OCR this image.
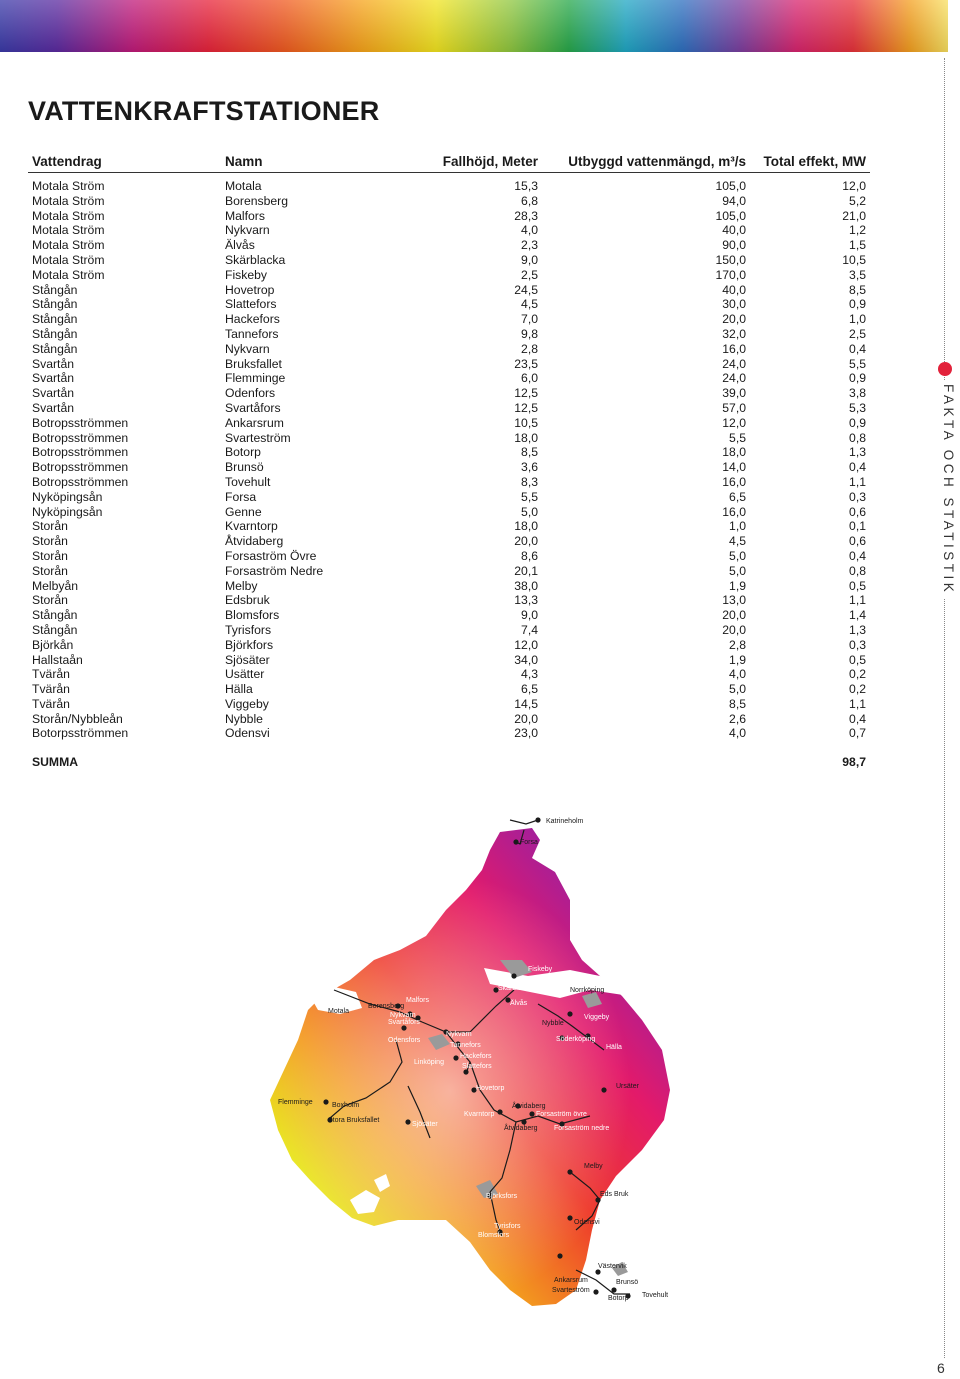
VATTENKRAFTSTATIONER
Vattendrag	Namn	Fallhöjd, Meter	Utbyggd vattenmängd, m³/s	Total effekt, MW

Motala Ström	Motala	15,3	105,0	12,0
Motala Ström	Borensberg	6,8	94,0	5,2
Motala Ström	Malfors	28,3	105,0	21,0
Motala Ström	Nykvarn	4,0	40,0	1,2
Motala Ström	Älvås	2,3	90,0	1,5
Motala Ström	Skärblacka	9,0	150,0	10,5
Motala Ström	Fiskeby	2,5	170,0	3,5
Stångån	Hovetrop	24,5	40,0	8,5
Stångån	Slattefors	4,5	30,0	0,9
Stångån	Hackefors	7,0	20,0	1,0
Stångån	Tannefors	9,8	32,0	2,5
Stångån	Nykvarn	2,8	16,0	0,4
Svartån	Bruksfallet	23,5	24,0	5,5
Svartån	Flemminge	6,0	24,0	0,9
Svartån	Odenfors	12,5	39,0	3,8
Svartån	Svartåfors	12,5	57,0	5,3
Botropsströmmen	Ankarsrum	10,5	12,0	0,9
Botropsströmmen	Svarteström	18,0	5,5	0,8
Botropsströmmen	Botorp	8,5	18,0	1,3
Botropsströmmen	Brunsö	3,6	14,0	0,4
Botropsströmmen	Tovehult	8,3	16,0	1,1
Nyköpingsån	Forsa	5,5	6,5	0,3
Nyköpingsån	Genne	5,0	16,0	0,6
Storån	Kvarntorp	18,0	1,0	0,1
Storån	Åtvidaberg	20,0	4,5	0,6
Storån	Forsaström Övre	8,6	5,0	0,4
Storån	Forsaström Nedre	20,1	5,0	0,8
Melbyån	Melby	38,0	1,9	0,5
Storån	Edsbruk	13,3	13,0	1,1
Stångån	Blomsfors	9,0	20,0	1,4
Stångån	Tyrisfors	7,4	20,0	1,3
Björkån	Björkfors	12,0	2,8	0,3
Hallstaån	Sjösäter	34,0	1,9	0,5
Tvärån	Usätter	4,3	4,0	0,2
Tvärån	Hälla	6,5	5,0	0,2
Tvärån	Viggeby	14,5	8,5	1,1
Storån/Nybbleån	Nybble	20,0	2,6	0,4
Botorpsströmmen	Odensvi	23,0	4,0	0,7

SUMMA				98,7
FAKTA OCH STATISTIK
6
Katrineholm
Forsa
Fiskeby
Skärblacka	Norrköping
Älvås
Malfors
Borensberg
Motala
Nykvarn
Svartåfors	Nybble
Viggeby
Odensfors
Nykvarn
Tannefors
Söderköping
Hälla
Linköping
Hackefors
Slattefors
Ursäter
Hovetorp
Flemminge	Boxholm	Åtvidaberg
Kvarntorp	Forsaström övre
Stora Bruksfallet
Sjösäter
Åtvidaberg Forsaström nedre
Melby
Björksfors	Eds Bruk
Tyrisfors
Blomsfors
Odensvi
Västervik
Ankarsrum	Brunsö
Svarteström
Botorp Tovehult
